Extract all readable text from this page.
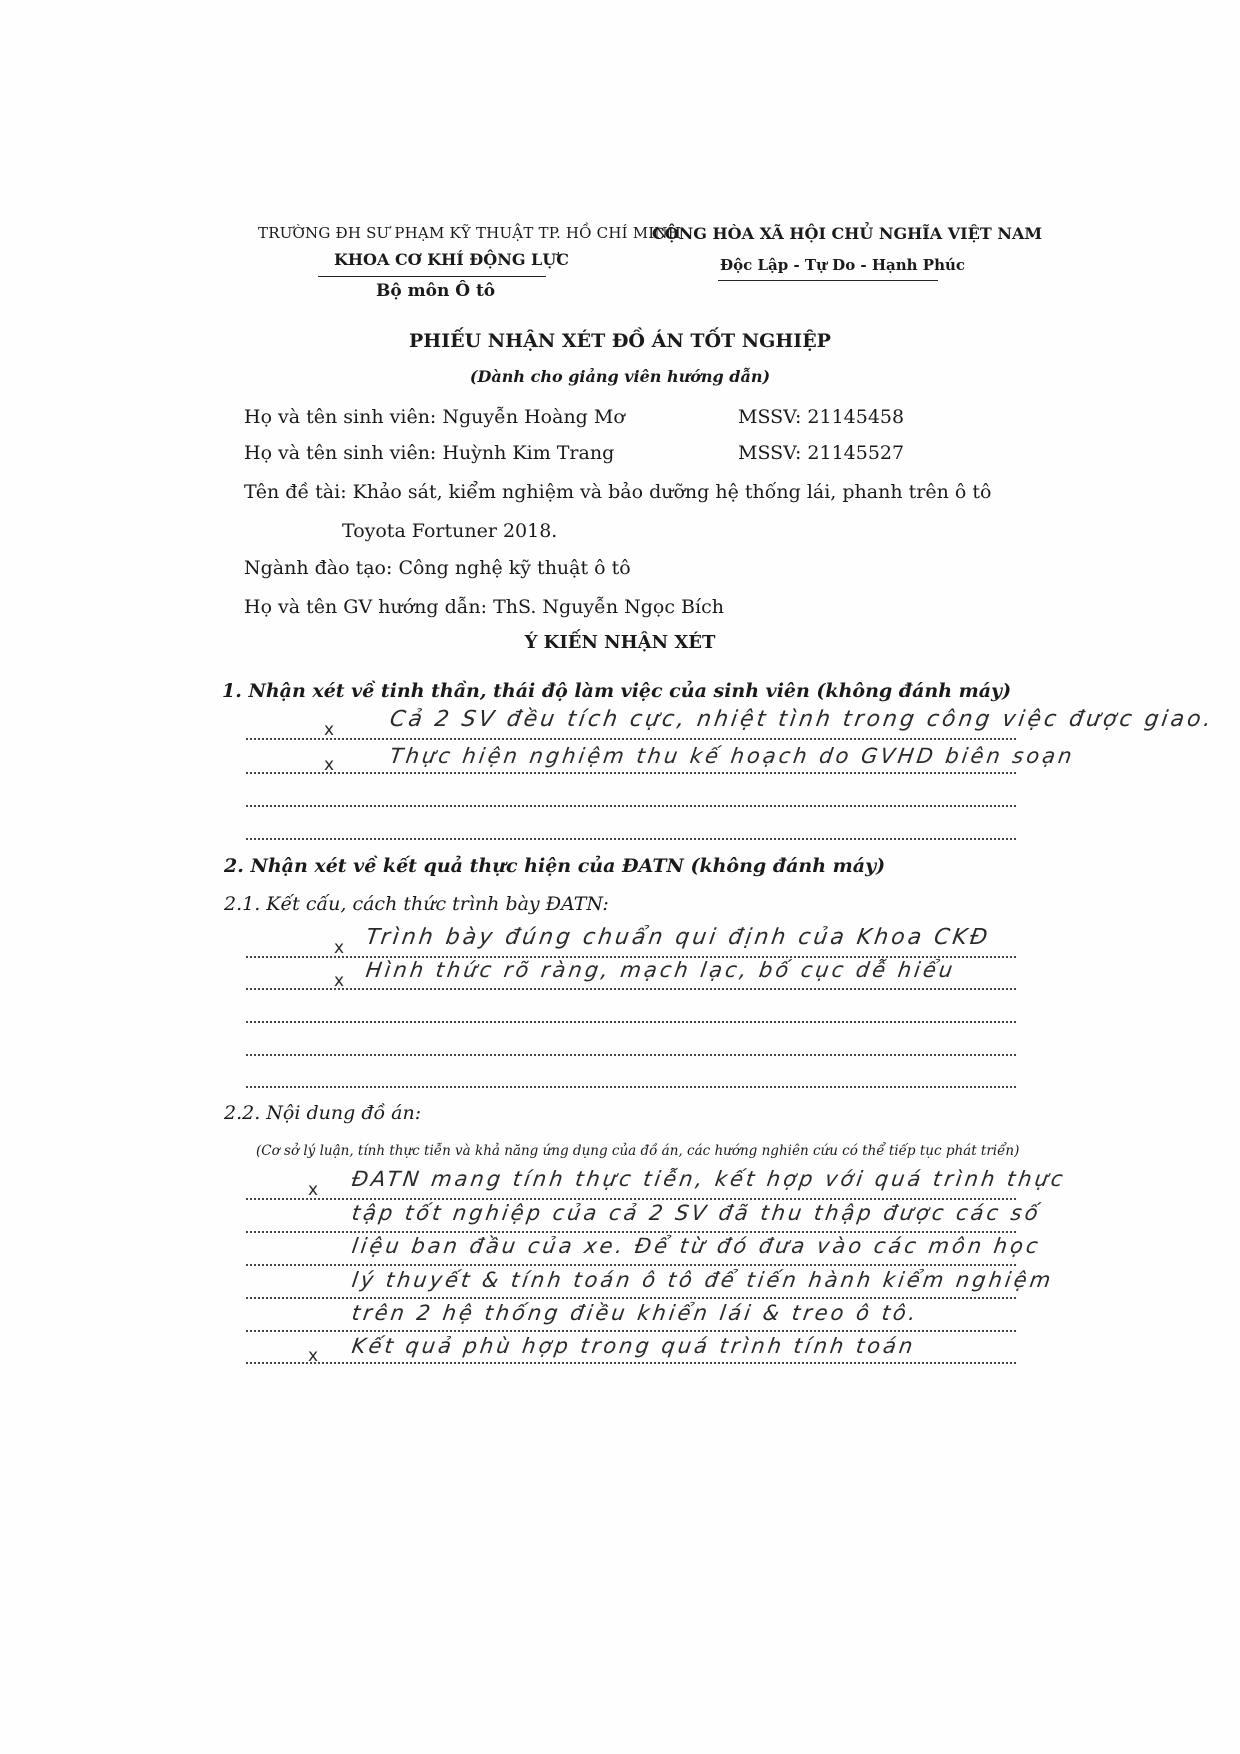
TRƯỜNG ĐH SƯ PHẠM KỸ THUẬT TP. HỒ CHÍ MINH
KHOA CƠ KHÍ ĐỘNG LỰC
Bộ môn Ô tô
CỘNG HÒA XÃ HỘI CHỦ NGHĨA VIỆT NAM
Độc Lập - Tự Do - Hạnh Phúc
PHIẾU NHẬN XÉT ĐỒ ÁN TỐT NGHIỆP
(Dành cho giảng viên hướng dẫn)
Họ và tên sinh viên: Nguyễn Hoàng Mơ	MSSV: 21145458
Họ và tên sinh viên: Huỳnh Kim Trang	MSSV: 21145527
Tên đề tài: Khảo sát, kiểm nghiệm và bảo dưỡng hệ thống lái, phanh trên ô tô
Toyota Fortuner 2018.
Ngành đào tạo: Công nghệ kỹ thuật ô tô
Họ và tên GV hướng dẫn: ThS. Nguyễn Ngọc Bích
Ý KIẾN NHẬN XÉT
1. Nhận xét về tinh thần, thái độ làm việc của sinh viên (không đánh máy)
x
x
Cả 2 SV đều tích cực, nhiệt tình trong công việc được giao.
Thực hiện nghiệm thu kế hoạch do GVHD biên soạn
2. Nhận xét về kết quả thực hiện của ĐATN (không đánh máy)
2.1. Kết cấu, cách thức trình bày ĐATN:
x
x
Trình bày đúng chuẩn qui định của Khoa CKĐ
Hình thức rõ ràng, mạch lạc, bố cục dễ hiểu
2.2. Nội dung đồ án:
(Cơ sở lý luận, tính thực tiễn và khả năng ứng dụng của đồ án, các hướng nghiên cứu có thể tiếp tục phát triển)
x
x
ĐATN mang tính thực tiễn, kết hợp với quá trình thực
tập tốt nghiệp của cả 2 SV đã thu thập được các số
liệu ban đầu của xe. Để từ đó đưa vào các môn học
lý thuyết & tính toán ô tô để tiến hành kiểm nghiệm
trên 2 hệ thống điều khiển lái & treo ô tô.
Kết quả phù hợp trong quá trình tính toán
